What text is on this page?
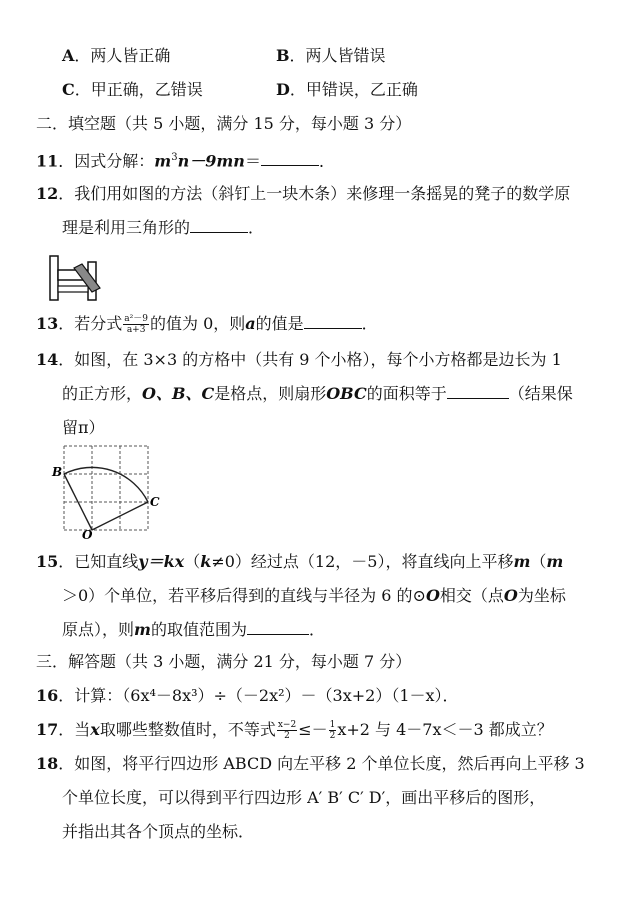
A．两人皆正确	B．两人皆错误
C．甲正确，乙错误	D．甲错误，乙正确
二．填空题（共 5 小题，满分 15 分，每小题 3 分）
11．因式分解：$m^3n-9mn=$	．
12．我们用如图的方法（斜钉上一块木条）来修理一条摇晃的凳子的数学原
理是利用三角形的	．
13．若分式 $\frac{\text{a²－9}}{a+3}$ 的值为 0，则a的值是	．
14．如图，在 3×3 的方格中（共有 9 个小格），每个小方格都是边长为 1
的正方形，O、B、C是格点，则扇形OBC的面积等于	（结果保
留π）
B
C
O
15．已知直线y＝kx（k≠0）经过点（12，－5），将直线向上平移m（m
＞0）个单位，若平移后得到的直线与半径为 6 的⊙O相交（点O为坐标
原点），则m的取值范围为	．
三．解答题（共 3 小题，满分 21 分，每小题 7 分）
16．计算：（6x⁴－8x³）÷（－2x²）－（3x+2）（1－x）．
17．当x取哪些整数值时，不等式 $\frac{x-2}{2} \le- \frac{1}{2} x+2$ 与 4－7x＜－3 都成立？
18．如图，将平行四边形 ABCD 向左平移 2 个单位长度，然后再向上平移 3
个单位长度，可以得到平行四边形 A′ B′ C′ D′，画出平移后的图形，
并指出其各个顶点的坐标．
